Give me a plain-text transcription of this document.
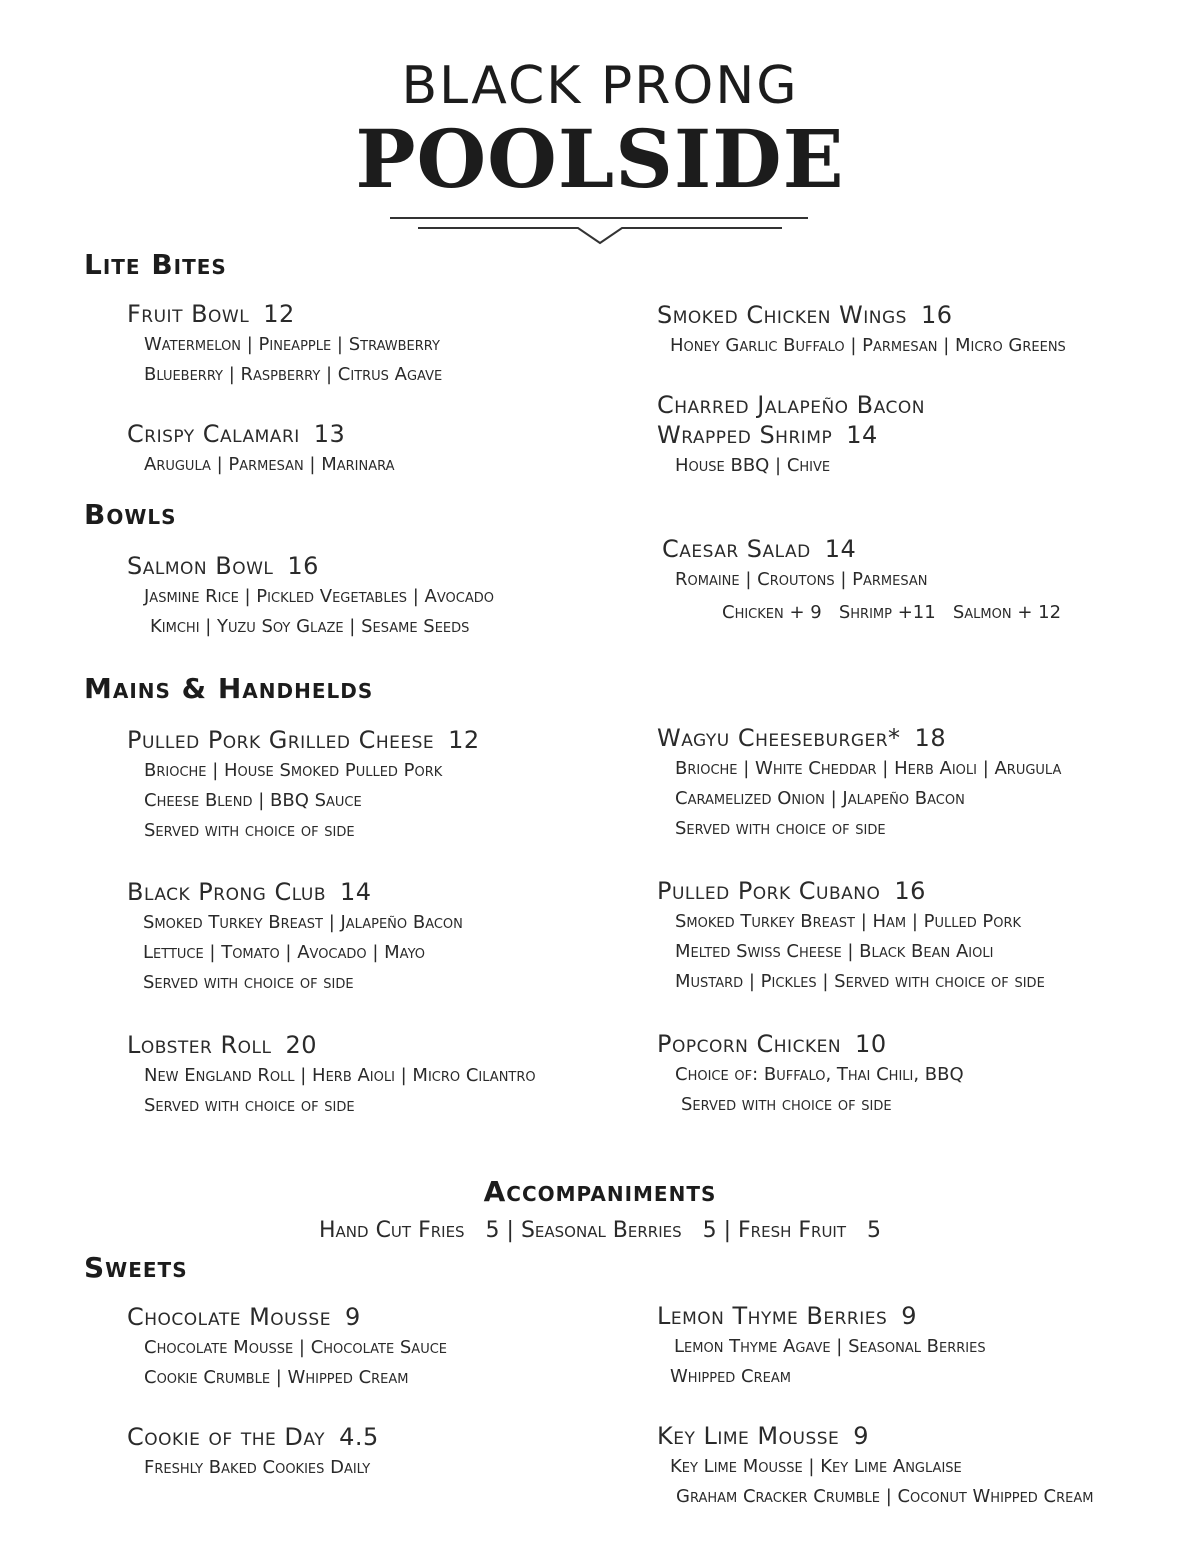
BLACK PRONG
POOLSIDE
Lite Bites
Fruit Bowl 12
Watermelon | Pineapple | Strawberry
Blueberry | Raspberry | Citrus Agave
Crispy Calamari 13
Arugula | Parmesan | Marinara
Smoked Chicken Wings 16
Honey Garlic Buffalo | Parmesan | Micro Greens
Charred Jalapeño Bacon
Wrapped Shrimp 14
House BBQ | Chive
Bowls
Salmon Bowl 16
Jasmine Rice | Pickled Vegetables | Avocado
Kimchi | Yuzu Soy Glaze | Sesame Seeds
Caesar Salad 14
Romaine | Croutons | Parmesan
Chicken + 9   Shrimp +11   Salmon + 12
Mains & Handhelds
Pulled Pork Grilled Cheese 12
Brioche | House Smoked Pulled Pork
Cheese Blend | BBQ Sauce
Served with choice of side
Black Prong Club 14
Smoked Turkey Breast | Jalapeño Bacon
Lettuce | Tomato | Avocado | Mayo
Served with choice of side
Lobster Roll 20
New England Roll | Herb Aioli | Micro Cilantro
Served with choice of side
Wagyu Cheeseburger* 18
Brioche | White Cheddar | Herb Aioli | Arugula
Caramelized Onion | Jalapeño Bacon
Served with choice of side
Pulled Pork Cubano 16
Smoked Turkey Breast | Ham | Pulled Pork
Melted Swiss Cheese | Black Bean Aioli
Mustard | Pickles | Served with choice of side
Popcorn Chicken 10
Choice of: Buffalo, Thai Chili, BBQ
Served with choice of side
Accompaniments
Hand Cut Fries   5 | Seasonal Berries   5 | Fresh Fruit   5
Sweets
Chocolate Mousse 9
Chocolate Mousse | Chocolate Sauce
Cookie Crumble | Whipped Cream
Cookie of the Day 4.5
Freshly Baked Cookies Daily
Lemon Thyme Berries 9
Lemon Thyme Agave | Seasonal Berries
Whipped Cream
Key Lime Mousse 9
Key Lime Mousse | Key Lime Anglaise
Graham Cracker Crumble | Coconut Whipped Cream
